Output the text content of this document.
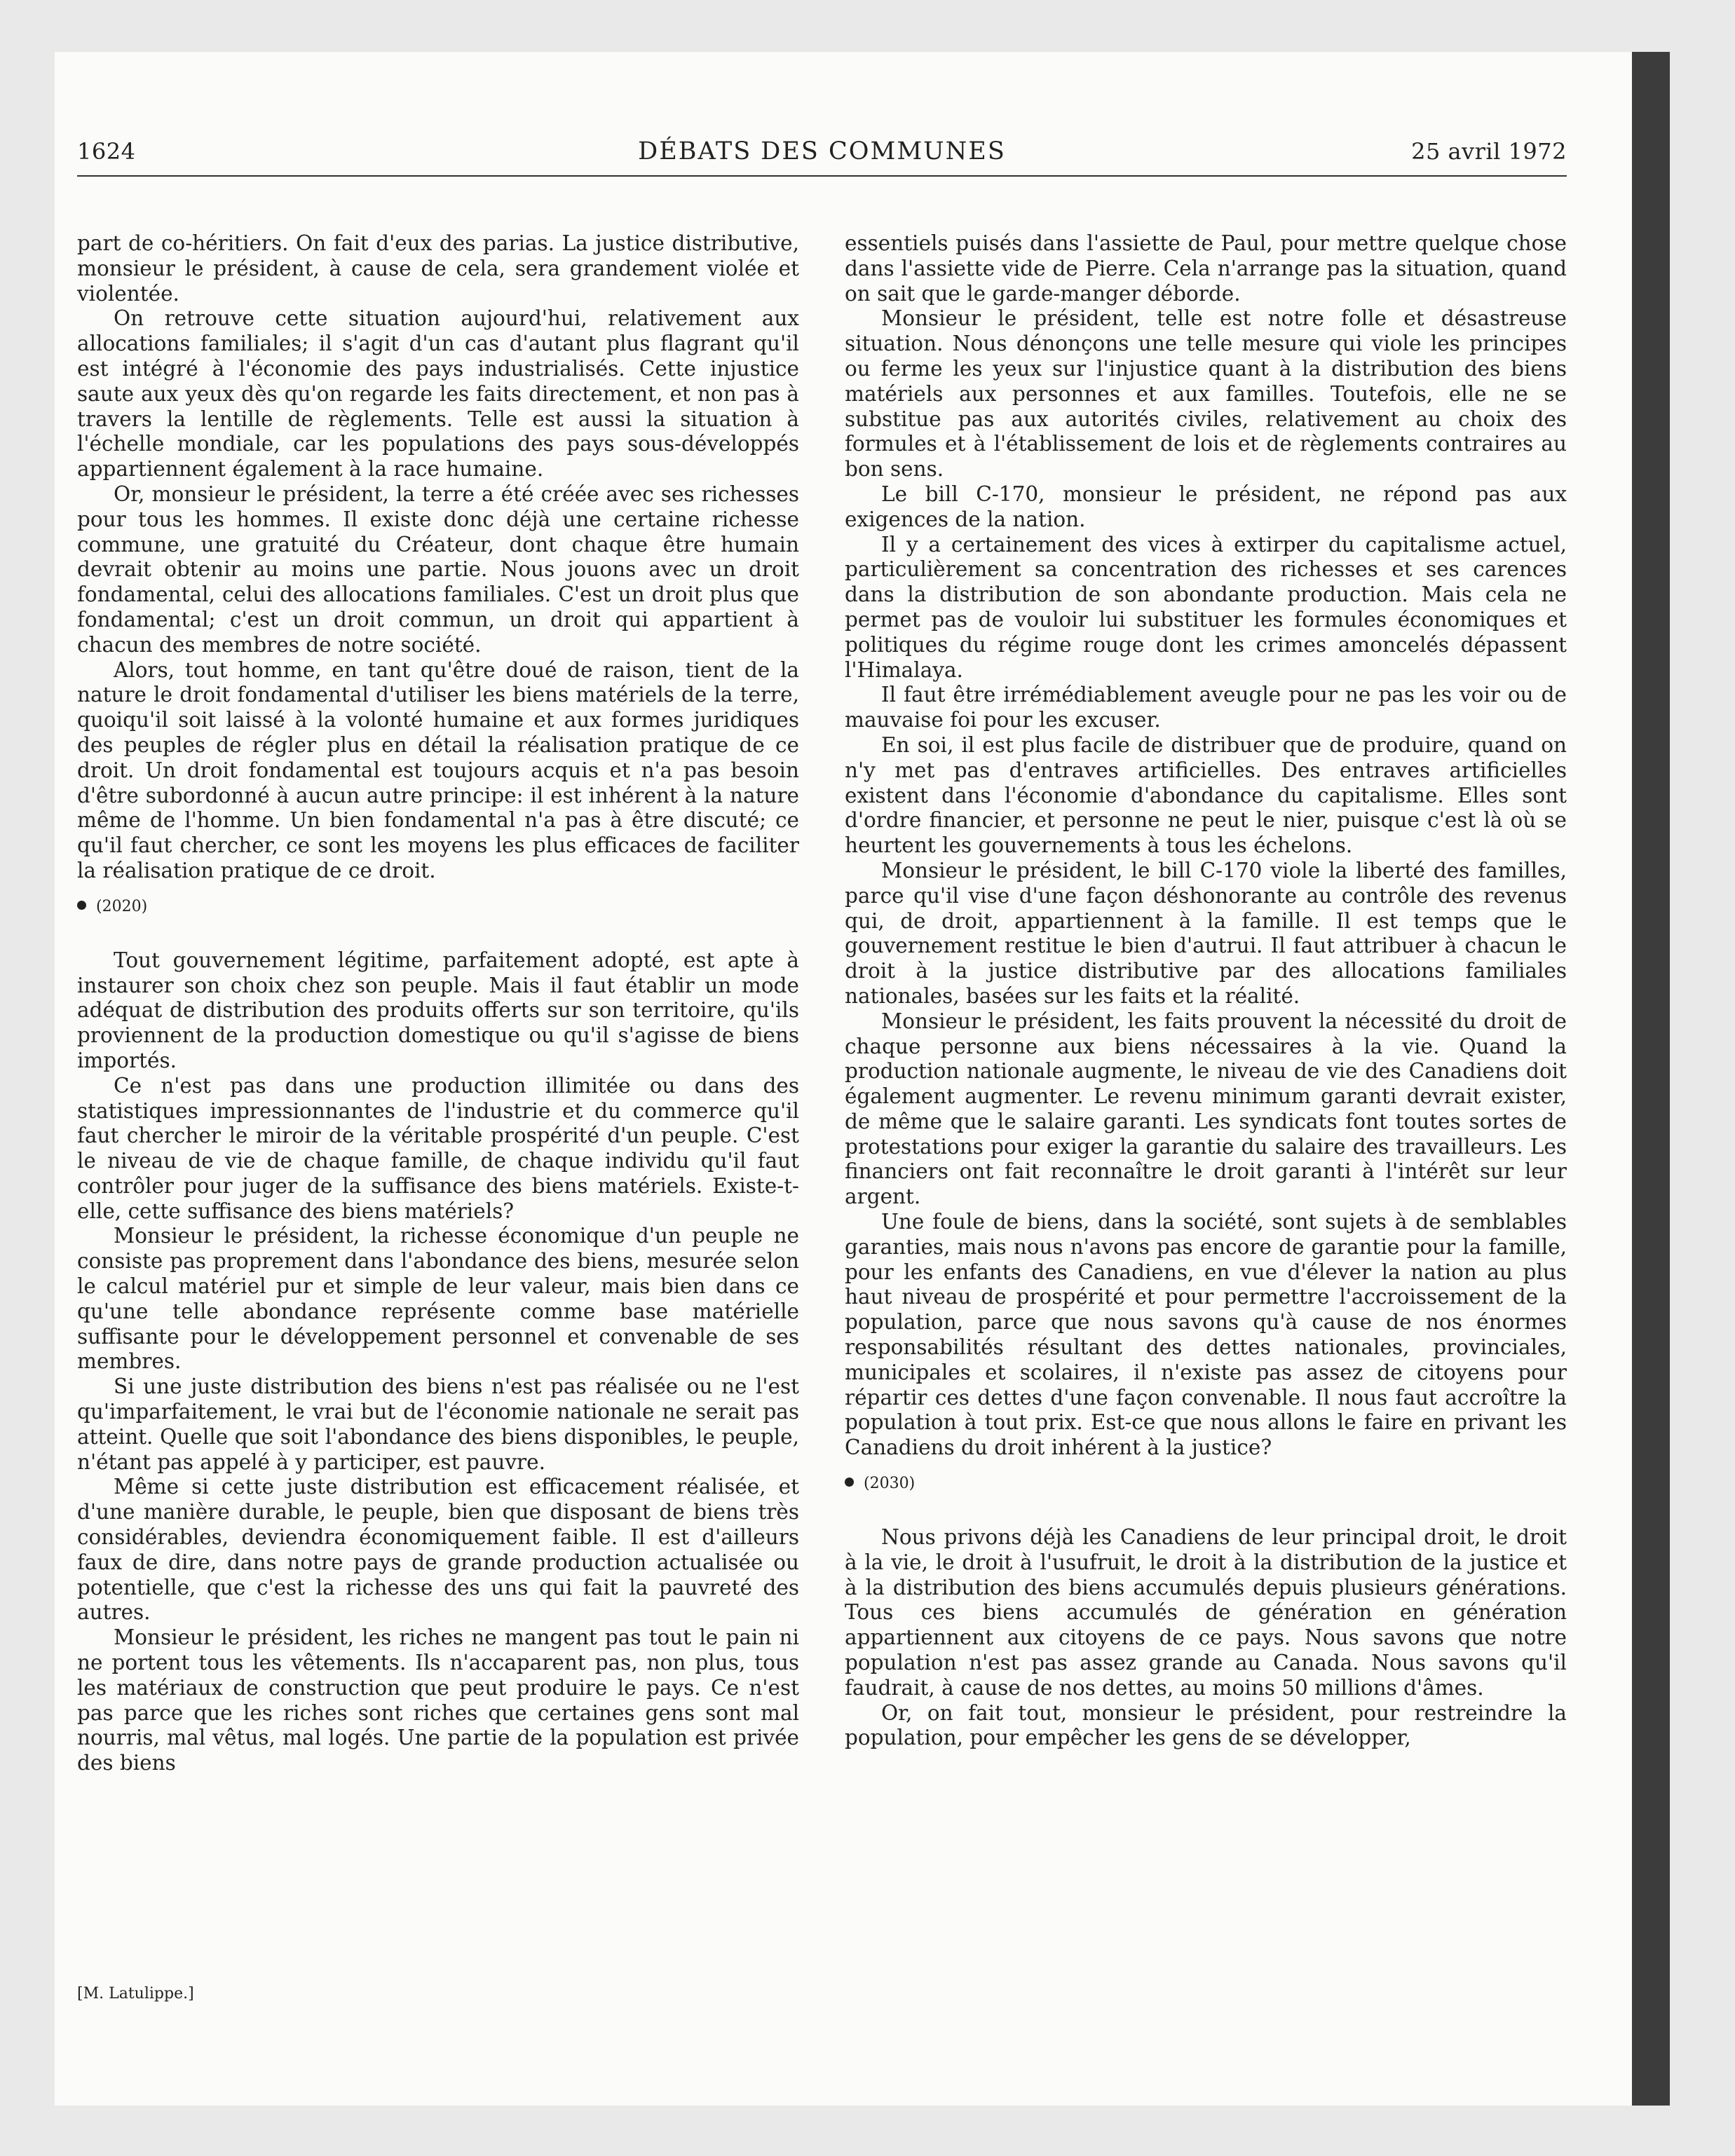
DÉBATS DES COMMUNES
1624	25 avril 1972

part de co-héritiers. On fait d'eux des parias. La justice distributive, monsieur le président, à cause de cela, sera grandement violée et violentée.

On retrouve cette situation aujourd'hui, relativement aux allocations familiales; il s'agit d'un cas d'autant plus flagrant qu'il est intégré à l'économie des pays industrialisés. Cette injustice saute aux yeux dès qu'on regarde les faits directement, et non pas à travers la lentille de règlements. Telle est aussi la situation à l'échelle mondiale, car les populations des pays sous-développés appartiennent également à la race humaine.

Or, monsieur le président, la terre a été créée avec ses richesses pour tous les hommes. Il existe donc déjà une certaine richesse commune, une gratuité du Créateur, dont chaque être humain devrait obtenir au moins une partie. Nous jouons avec un droit fondamental, celui des allocations familiales. C'est un droit plus que fondamental; c'est un droit commun, un droit qui appartient à chacun des membres de notre société.

Alors, tout homme, en tant qu'être doué de raison, tient de la nature le droit fondamental d'utiliser les biens matériels de la terre, quoiqu'il soit laissé à la volonté humaine et aux formes juridiques des peuples de régler plus en détail la réalisation pratique de ce droit. Un droit fondamental est toujours acquis et n'a pas besoin d'être subordonné à aucun autre principe: il est inhérent à la nature même de l'homme. Un bien fondamental n'a pas à être discuté; ce qu'il faut chercher, ce sont les moyens les plus efficaces de faciliter la réalisation pratique de ce droit.

(2020)

Tout gouvernement légitime, parfaitement adopté, est apte à instaurer son choix chez son peuple. Mais il faut établir un mode adéquat de distribution des produits offerts sur son territoire, qu'ils proviennent de la production domestique ou qu'il s'agisse de biens importés.

Ce n'est pas dans une production illimitée ou dans des statistiques impressionnantes de l'industrie et du commerce qu'il faut chercher le miroir de la véritable prospérité d'un peuple. C'est le niveau de vie de chaque famille, de chaque individu qu'il faut contrôler pour juger de la suffisance des biens matériels. Existe-t-elle, cette suffisance des biens matériels?

Monsieur le président, la richesse économique d'un peuple ne consiste pas proprement dans l'abondance des biens, mesurée selon le calcul matériel pur et simple de leur valeur, mais bien dans ce qu'une telle abondance représente comme base matérielle suffisante pour le développement personnel et convenable de ses membres.

Si une juste distribution des biens n'est pas réalisée ou ne l'est qu'imparfaitement, le vrai but de l'économie nationale ne serait pas atteint. Quelle que soit l'abondance des biens disponibles, le peuple, n'étant pas appelé à y participer, est pauvre.

Même si cette juste distribution est efficacement réalisée, et d'une manière durable, le peuple, bien que disposant de biens très considérables, deviendra économiquement faible. Il est d'ailleurs faux de dire, dans notre pays de grande production actualisée ou potentielle, que c'est la richesse des uns qui fait la pauvreté des autres.

Monsieur le président, les riches ne mangent pas tout le pain ni ne portent tous les vêtements. Ils n'accaparent pas, non plus, tous les matériaux de construction que peut produire le pays. Ce n'est pas parce que les riches sont riches que certaines gens sont mal nourris, mal vêtus, mal logés. Une partie de la population est privée des biens

essentiels puisés dans l'assiette de Paul, pour mettre quelque chose dans l'assiette vide de Pierre. Cela n'arrange pas la situation, quand on sait que le garde-manger déborde.

Monsieur le président, telle est notre folle et désastreuse situation. Nous dénonçons une telle mesure qui viole les principes ou ferme les yeux sur l'injustice quant à la distribution des biens matériels aux personnes et aux familles. Toutefois, elle ne se substitue pas aux autorités civiles, relativement au choix des formules et à l'établissement de lois et de règlements contraires au bon sens.

Le bill C-170, monsieur le président, ne répond pas aux exigences de la nation.

Il y a certainement des vices à extirper du capitalisme actuel, particulièrement sa concentration des richesses et ses carences dans la distribution de son abondante production. Mais cela ne permet pas de vouloir lui substituer les formules économiques et politiques du régime rouge dont les crimes amoncelés dépassent l'Himalaya.

Il faut être irrémédiablement aveugle pour ne pas les voir ou de mauvaise foi pour les excuser.

En soi, il est plus facile de distribuer que de produire, quand on n'y met pas d'entraves artificielles. Des entraves artificielles existent dans l'économie d'abondance du capitalisme. Elles sont d'ordre financier, et personne ne peut le nier, puisque c'est là où se heurtent les gouvernements à tous les échelons.

Monsieur le président, le bill C-170 viole la liberté des familles, parce qu'il vise d'une façon déshonorante au contrôle des revenus qui, de droit, appartiennent à la famille. Il est temps que le gouvernement restitue le bien d'autrui. Il faut attribuer à chacun le droit à la justice distributive par des allocations familiales nationales, basées sur les faits et la réalité.

Monsieur le président, les faits prouvent la nécessité du droit de chaque personne aux biens nécessaires à la vie. Quand la production nationale augmente, le niveau de vie des Canadiens doit également augmenter. Le revenu minimum garanti devrait exister, de même que le salaire garanti. Les syndicats font toutes sortes de protestations pour exiger la garantie du salaire des travailleurs. Les financiers ont fait reconnaître le droit garanti à l'intérêt sur leur argent.

Une foule de biens, dans la société, sont sujets à de semblables garanties, mais nous n'avons pas encore de garantie pour la famille, pour les enfants des Canadiens, en vue d'élever la nation au plus haut niveau de prospérité et pour permettre l'accroissement de la population, parce que nous savons qu'à cause de nos énormes responsabilités résultant des dettes nationales, provinciales, municipales et scolaires, il n'existe pas assez de citoyens pour répartir ces dettes d'une façon convenable. Il nous faut accroître la population à tout prix. Est-ce que nous allons le faire en privant les Canadiens du droit inhérent à la justice?

(2030)

Nous privons déjà les Canadiens de leur principal droit, le droit à la vie, le droit à l'usufruit, le droit à la distribution de la justice et à la distribution des biens accumulés depuis plusieurs générations. Tous ces biens accumulés de génération en génération appartiennent aux citoyens de ce pays. Nous savons que notre population n'est pas assez grande au Canada. Nous savons qu'il faudrait, à cause de nos dettes, au moins 50 millions d'âmes.

Or, on fait tout, monsieur le président, pour restreindre la population, pour empêcher les gens de se développer,

[M. Latulippe.]
